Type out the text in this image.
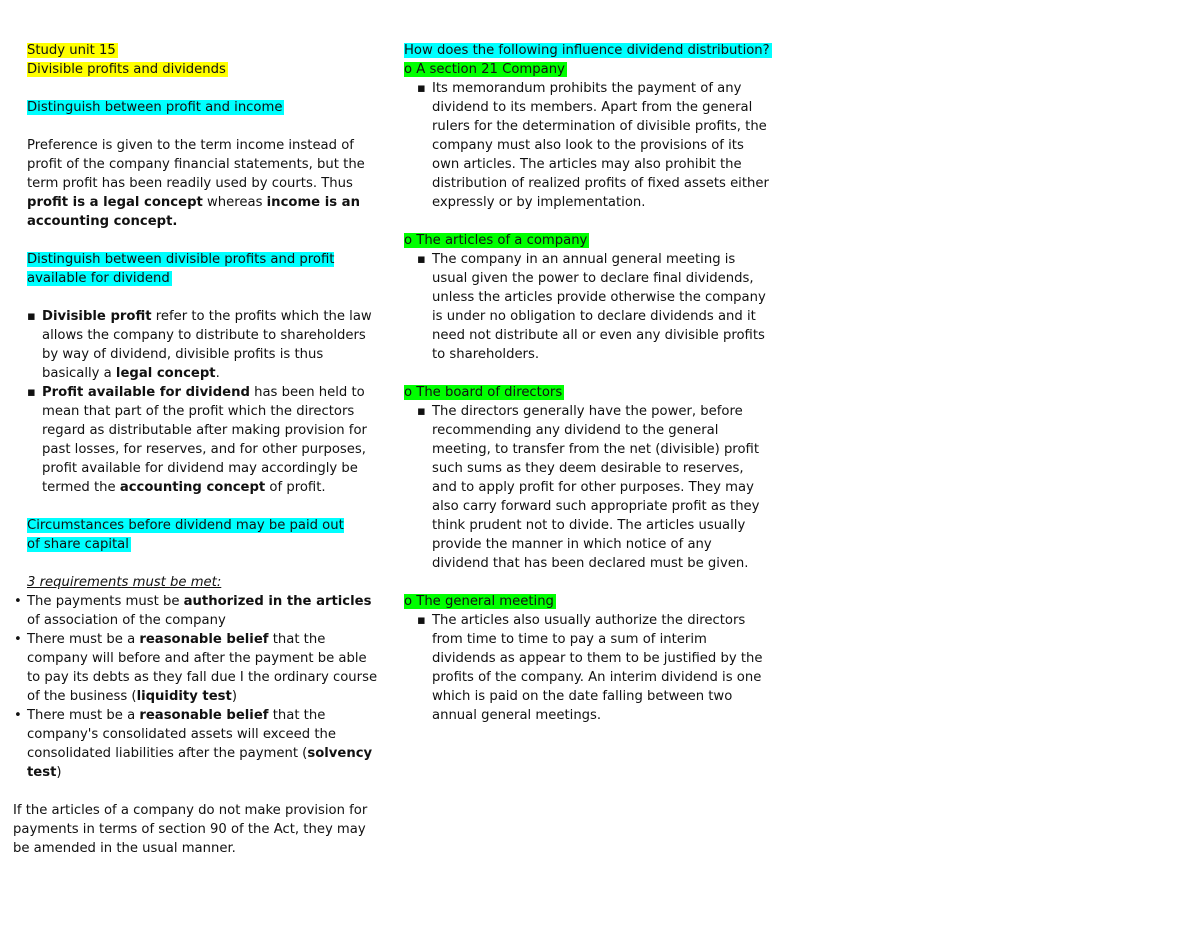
Study unit 15
Divisible profits and dividends
Distinguish between profit and income

Preference is given to the term income instead of profit of the company financial statements, but the term profit has been readily used by courts. Thus profit is a legal concept whereas income is an accounting concept.

Distinguish between divisible profits and profit available for dividend
▪ Divisible profit refer to the profits which the law allows the company to distribute to shareholders by way of dividend, divisible profits is thus basically a legal concept.
▪ Profit available for dividend has been held to mean that part of the profit which the directors regard as distributable after making provision for past losses, for reserves, and for other purposes, profit available for dividend may accordingly be termed the accounting concept of profit.
Circumstances before dividend may be paid out of share capital
3 requirements must be met:
• The payments must be authorized in the articles of association of the company
• There must be a reasonable belief that the company will before and after the payment be able to pay its debts as they fall due I the ordinary course of the business (liquidity test)
• There must be a reasonable belief that the company's consolidated assets will exceed the consolidated liabilities after the payment (solvency test)

If the articles of a company do not make provision for payments in terms of section 90 of the Act, they may be amended in the usual manner.

How does the following influence dividend distribution?
o A section 21 Company
▪ Its memorandum prohibits the payment of any dividend to its members. Apart from the general rulers for the determination of divisible profits, the company must also look to the provisions of its own articles. The articles may also prohibit the distribution of realized profits of fixed assets either expressly or by implementation.
o The articles of a company
▪ The company in an annual general meeting is usual given the power to declare final dividends, unless the articles provide otherwise the company is under no obligation to declare dividends and it need not distribute all or even any divisible profits to shareholders.
o The board of directors
▪ The directors generally have the power, before recommending any dividend to the general meeting, to transfer from the net (divisible) profit such sums as they deem desirable to reserves, and to apply profit for other purposes. They may also carry forward such appropriate profit as they think prudent not to divide. The articles usually provide the manner in which notice of any dividend that has been declared must be given.
o The general meeting
▪ The articles also usually authorize the directors from time to time to pay a sum of interim dividends as appear to them to be justified by the profits of the company. An interim dividend is one which is paid on the date falling between two annual general meetings.
